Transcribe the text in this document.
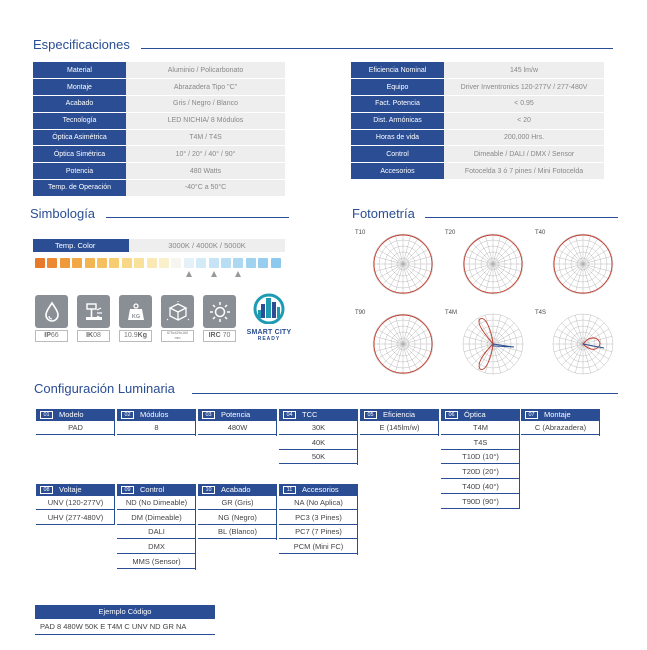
Especificaciones
Material	Aluminio / Policarbonato
Montaje	Abrazadera Tipo "C"
Acabado	Gris / Negro / Blanco
Tecnología	LED NICHIA/ 8 Módulos
Óptica Asimétrica	T4M / T4S
Óptica Simétrica	10° / 20° / 40° / 90°
Potencia	480 Watts
Temp. de Operación	-40°C a 50°C
Eficiencia Nominal	145 lm/w
Equipo	Driver Inventronics 120-277V / 277-480V
Fact. Potencia	< 0.95
Dist. Armónicas	< 20
Horas de vida	200,000 Hrs.
Control	Dimeable / DALI / DMX / Sensor
Accesorios	Fotocelda 3 ó 7 pines / Mini Fotocelda
Simbología	Fotometría
Temp. Color	3000K / 4000K / 5000K
IP66	IK08
KG
10.9Kg	675x425x160
mm	IRC 70	SMART CITY
READY
T10	T20	T40
T90	T4M	T4S
Configuración Luminaria
01 Modelo
PAD
02 Módulos
8
03 Potencia
480W
04 TCC
30K
40K
50K
05 Eficiencia
E (145lm/w)
06 Óptica
T4M
T4S
T10D (10°)
T20D (20°)
T40D (40°)
T90D (90°)
07 Montaje
C (Abrazadera)
08 Voltaje
UNV (120-277V)
UHV (277-480V)
09 Control
ND (No Dimeable)
DM (Dimeable)
DALI
DMX
MMS (Sensor)
10 Acabado
GR (Gris)
NG (Negro)
BL (Blanco)
11 Accesorios
NA (No Aplica)
PC3 (3 Pines)
PC7 (7 Pines)
PCM (Mini FC)
Ejemplo Código
PAD 8 480W 50K E T4M C UNV ND GR NA
